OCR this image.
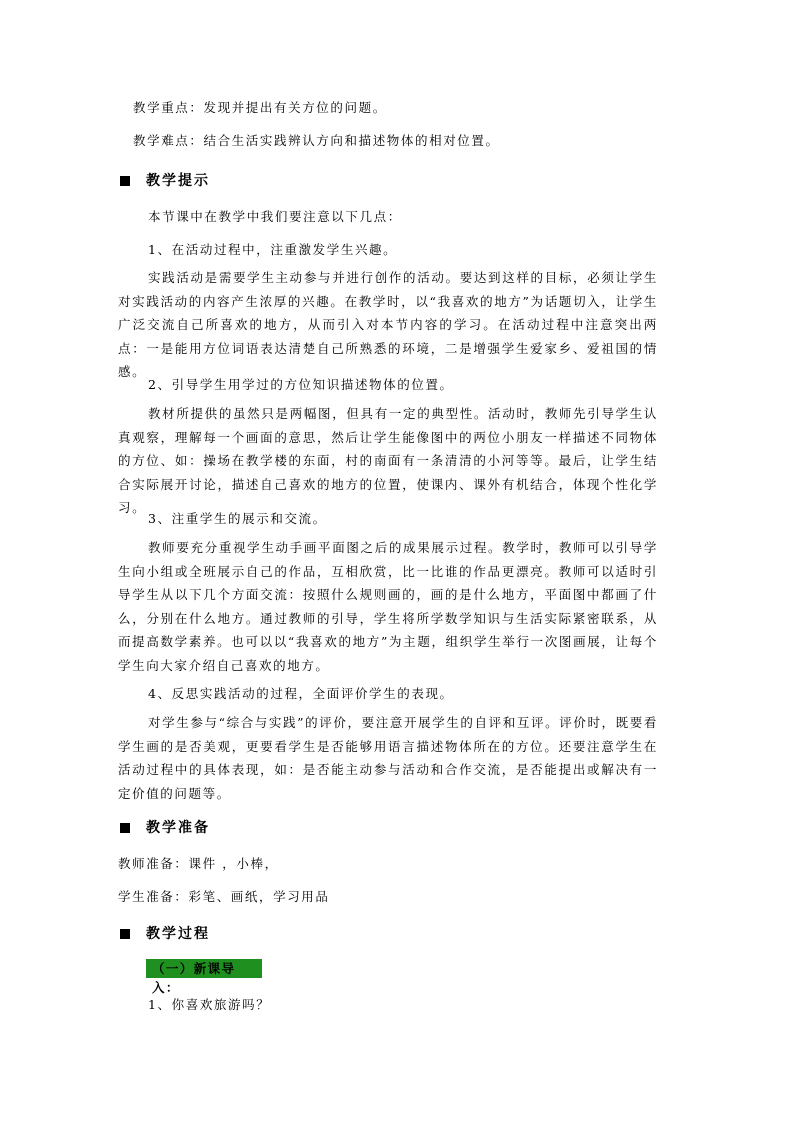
教学重点：发现并提出有关方位的问题。
教学难点：结合生活实践辨认方向和描述物体的相对位置。
教学提示
本节课中在教学中我们要注意以下几点：
1、在活动过程中，注重激发学生兴趣。
实践活动是需要学生主动参与并进行创作的活动。要达到这样的目标，必须让学生对实践活动的内容产生浓厚的兴趣。在教学时，以“我喜欢的地方”为话题切入，让学生广泛交流自己所喜欢的地方，从而引入对本节内容的学习。在活动过程中注意突出两点：一是能用方位词语表达清楚自己所熟悉的环境，二是增强学生爱家乡、爱祖国的情感。
2、引导学生用学过的方位知识描述物体的位置。
教材所提供的虽然只是两幅图，但具有一定的典型性。活动时，教师先引导学生认真观察，理解每一个画面的意思，然后让学生能像图中的两位小朋友一样描述不同物体的方位、如：操场在教学楼的东面，村的南面有一条清清的小河等等。最后，让学生结合实际展开讨论，描述自己喜欢的地方的位置，使课内、课外有机结合，体现个性化学习。
3、注重学生的展示和交流。
教师要充分重视学生动手画平面图之后的成果展示过程。教学时，教师可以引导学生向小组或全班展示自己的作品，互相欣赏，比一比谁的作品更漂亮。教师可以适时引导学生从以下几个方面交流：按照什么规则画的，画的是什么地方，平面图中都画了什么，分别在什么地方。通过教师的引导，学生将所学数学知识与生活实际紧密联系，从而提高数学素养。也可以以“我喜欢的地方”为主题，组织学生举行一次图画展，让每个学生向大家介绍自己喜欢的地方。
4、反思实践活动的过程，全面评价学生的表现。
对学生参与“综合与实践”的评价，要注意开展学生的自评和互评。评价时，既要看学生画的是否美观，更要看学生是否能够用语言描述物体所在的方位。还要注意学生在活动过程中的具体表现，如：是否能主动参与活动和合作交流，是否能提出或解决有一定价值的问题等。
教学准备
教师准备：课件 ，小棒，
学生准备：彩笔、画纸，学习用品
教学过程
（一）新课导入：
1、你喜欢旅游吗？
